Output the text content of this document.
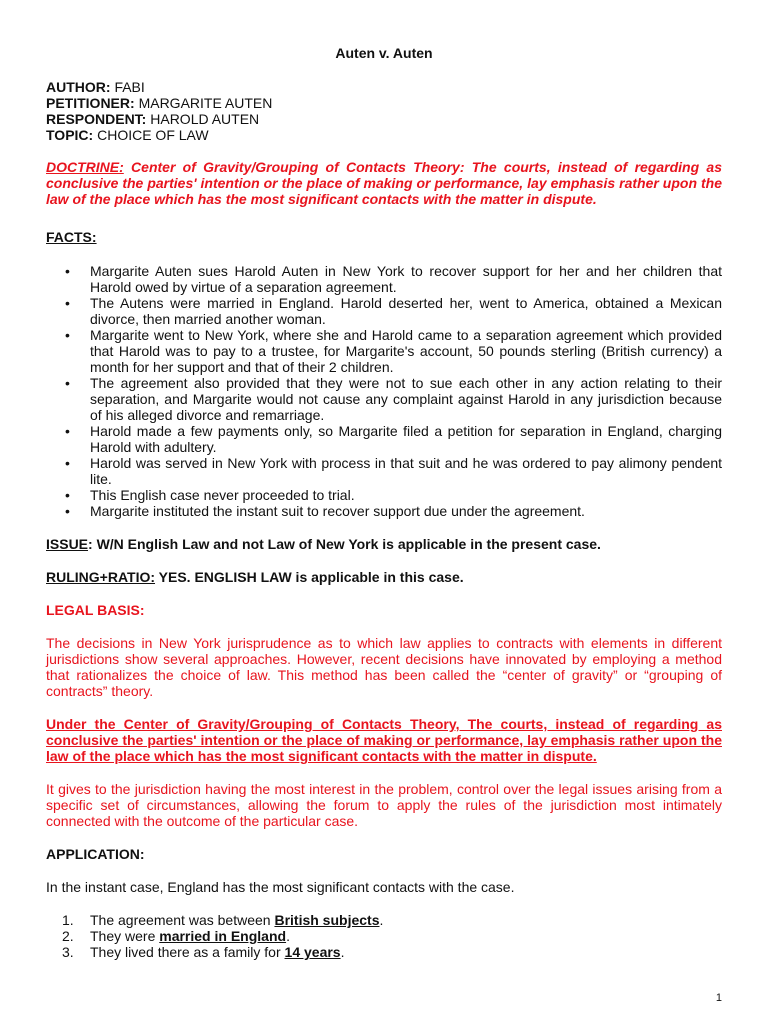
Auten v. Auten

AUTHOR: FABI

PETITIONER: MARGARITE AUTEN

RESPONDENT: HAROLD AUTEN

TOPIC: CHOICE OF LAW

DOCTRINE: Center of Gravity/Grouping of Contacts Theory: The courts, instead of regarding as conclusive the parties' intention or the place of making or performance, lay emphasis rather upon the law of the place which has the most significant contacts with the matter in dispute.

FACTS:

• Margarite Auten sues Harold Auten in New York to recover support for her and her children that Harold owed by virtue of a separation agreement.
• The Autens were married in England. Harold deserted her, went to America, obtained a Mexican divorce, then married another woman.
• Margarite went to New York, where she and Harold came to a separation agreement which provided that Harold was to pay to a trustee, for Margarite's account, 50 pounds sterling (British currency) a month for her support and that of their 2 children.
• The agreement also provided that they were not to sue each other in any action relating to their separation, and Margarite would not cause any complaint against Harold in any jurisdiction because of his alleged divorce and remarriage.
• Harold made a few payments only, so Margarite filed a petition for separation in England, charging Harold with adultery.
• Harold was served in New York with process in that suit and he was ordered to pay alimony pendent lite.
• This English case never proceeded to trial.
• Margarite instituted the instant suit to recover support due under the agreement.

ISSUE: W/N English Law and not Law of New York is applicable in the present case.

RULING+RATIO: YES. ENGLISH LAW is applicable in this case.

LEGAL BASIS:

The decisions in New York jurisprudence as to which law applies to contracts with elements in different jurisdictions show several approaches. However, recent decisions have innovated by employing a method that rationalizes the choice of law. This method has been called the “center of gravity” or “grouping of contracts” theory.

Under the Center of Gravity/Grouping of Contacts Theory, The courts, instead of regarding as conclusive the parties' intention or the place of making or performance, lay emphasis rather upon the law of the place which has the most significant contacts with the matter in dispute.

It gives to the jurisdiction having the most interest in the problem, control over the legal issues arising from a specific set of circumstances, allowing the forum to apply the rules of the jurisdiction most intimately connected with the outcome of the particular case.

APPLICATION:

In the instant case, England has the most significant contacts with the case.

1. The agreement was between British subjects.
2. They were married in England.
3. They lived there as a family for 14 years.
1
